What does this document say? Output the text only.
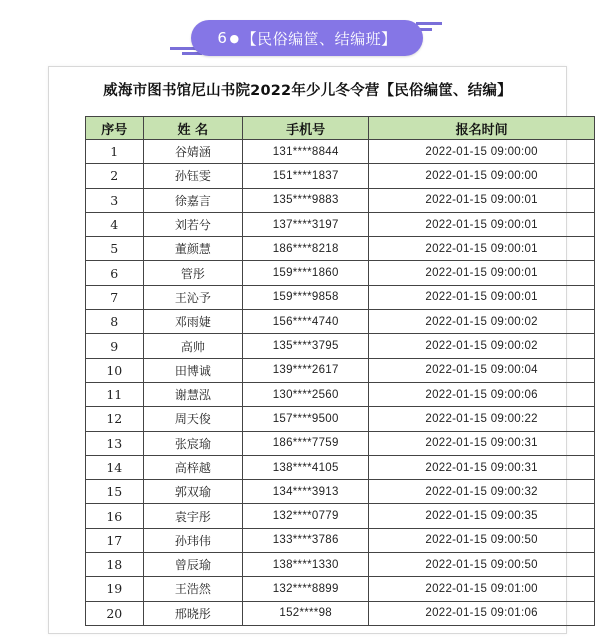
6 ● 【民俗编筐、结编班】
威海市图书馆尼山书院2022年少儿冬令营【民俗编筐、结编】
序号	姓 名	手机号	报名时间
1	谷婧涵	131****8844	2022-01-15 09:00:00
2	孙钰雯	151****1837	2022-01-15 09:00:00
3	徐嘉言	135****9883	2022-01-15 09:00:01
4	刘若兮	137****3197	2022-01-15 09:00:01
5	董颜慧	186****8218	2022-01-15 09:00:01
6	管彤	159****1860	2022-01-15 09:00:01
7	王沁予	159****9858	2022-01-15 09:00:01
8	邓雨婕	156****4740	2022-01-15 09:00:02
9	高帅	135****3795	2022-01-15 09:00:02
10	田博诚	139****2617	2022-01-15 09:00:04
11	谢慧泓	130****2560	2022-01-15 09:00:06
12	周天俊	157****9500	2022-01-15 09:00:22
13	张宸瑜	186****7759	2022-01-15 09:00:31
14	高梓越	138****4105	2022-01-15 09:00:31
15	郭双瑜	134****3913	2022-01-15 09:00:32
16	袁宇彤	132****0779	2022-01-15 09:00:35
17	孙玮伟	133****3786	2022-01-15 09:00:50
18	曾辰瑜	138****1330	2022-01-15 09:00:50
19	王浩然	132****8899	2022-01-15 09:01:00
20	邢晓彤	152****98	2022-01-15 09:01:06
